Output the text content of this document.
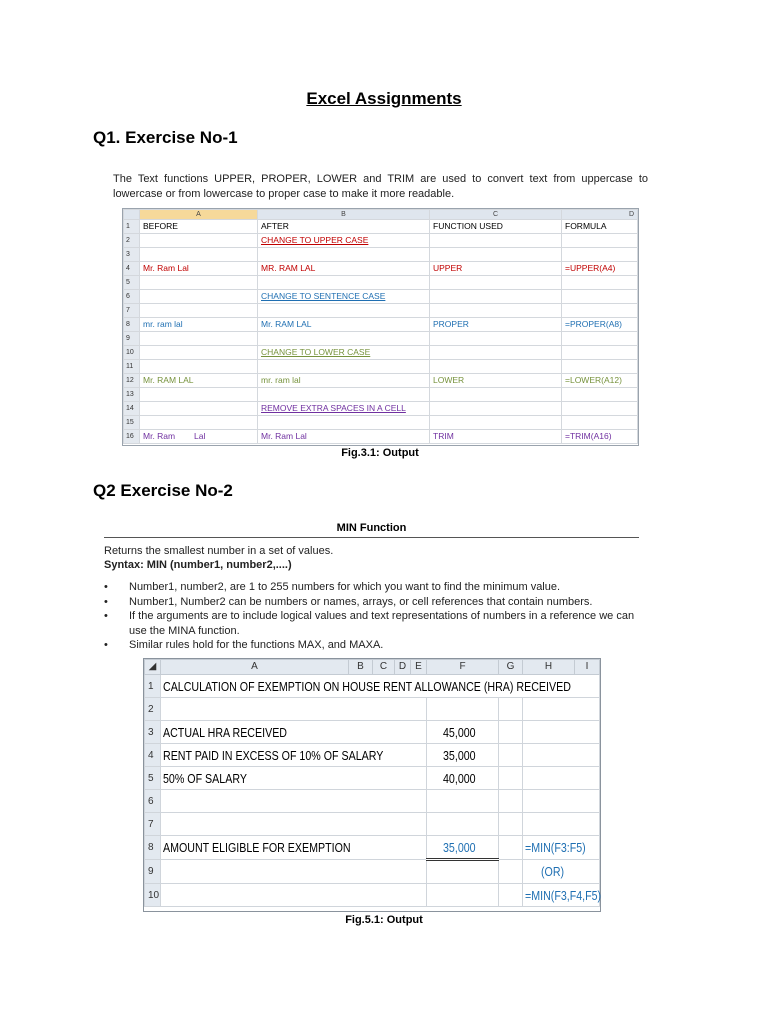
Excel Assignments
Q1. Exercise No-1
The Text functions UPPER, PROPER, LOWER and TRIM are used to convert text from uppercase to lowercase or from lowercase to proper case to make it more readable.
	A	B	C	D
1	BEFORE	AFTER	FUNCTION USED	FORMULA
2		CHANGE TO UPPER CASE		
3				
4	Mr. Ram Lal	MR. RAM LAL	UPPER	=UPPER(A4)
5				
6		CHANGE TO SENTENCE CASE		
7				
8	mr. ram lal	Mr. RAM LAL	PROPER	=PROPER(A8)
9				
10		CHANGE TO LOWER CASE		
11				
12	Mr. RAM LAL	mr. ram lal	LOWER	=LOWER(A12)
13				
14		REMOVE EXTRA SPACES IN A CELL		
15				
16	Mr. Ram        Lal	Mr. Ram Lal	TRIM	=TRIM(A16)
Fig.3.1: Output
Q2 Exercise No-2
MIN Function
Returns the smallest number in a set of values.
Syntax: MIN (number1, number2,....)
•	Number1, number2, are 1 to 255 numbers for which you want to find the minimum value.
•	Number1, Number2 can be numbers or names, arrays, or cell references that contain numbers.
•	If the arguments are to include logical values and text representations of numbers in a reference we can use the MINA function.
•	Similar rules hold for the functions MAX, and MAXA.
◢	A	B	C	D	E	F	G	H	I
1	CALCULATION OF EXEMPTION ON HOUSE RENT ALLOWANCE (HRA) RECEIVED								
2									
3	ACTUAL HRA RECEIVED					45,000			
4	RENT PAID IN EXCESS OF 10% OF SALARY					35,000			
5	50% OF SALARY					40,000			
6									
7									
8	AMOUNT ELIGIBLE FOR EXEMPTION					35,000		=MIN(F3:F5)	
9								(OR)	
10								=MIN(F3,F4,F5)	
Fig.5.1: Output
